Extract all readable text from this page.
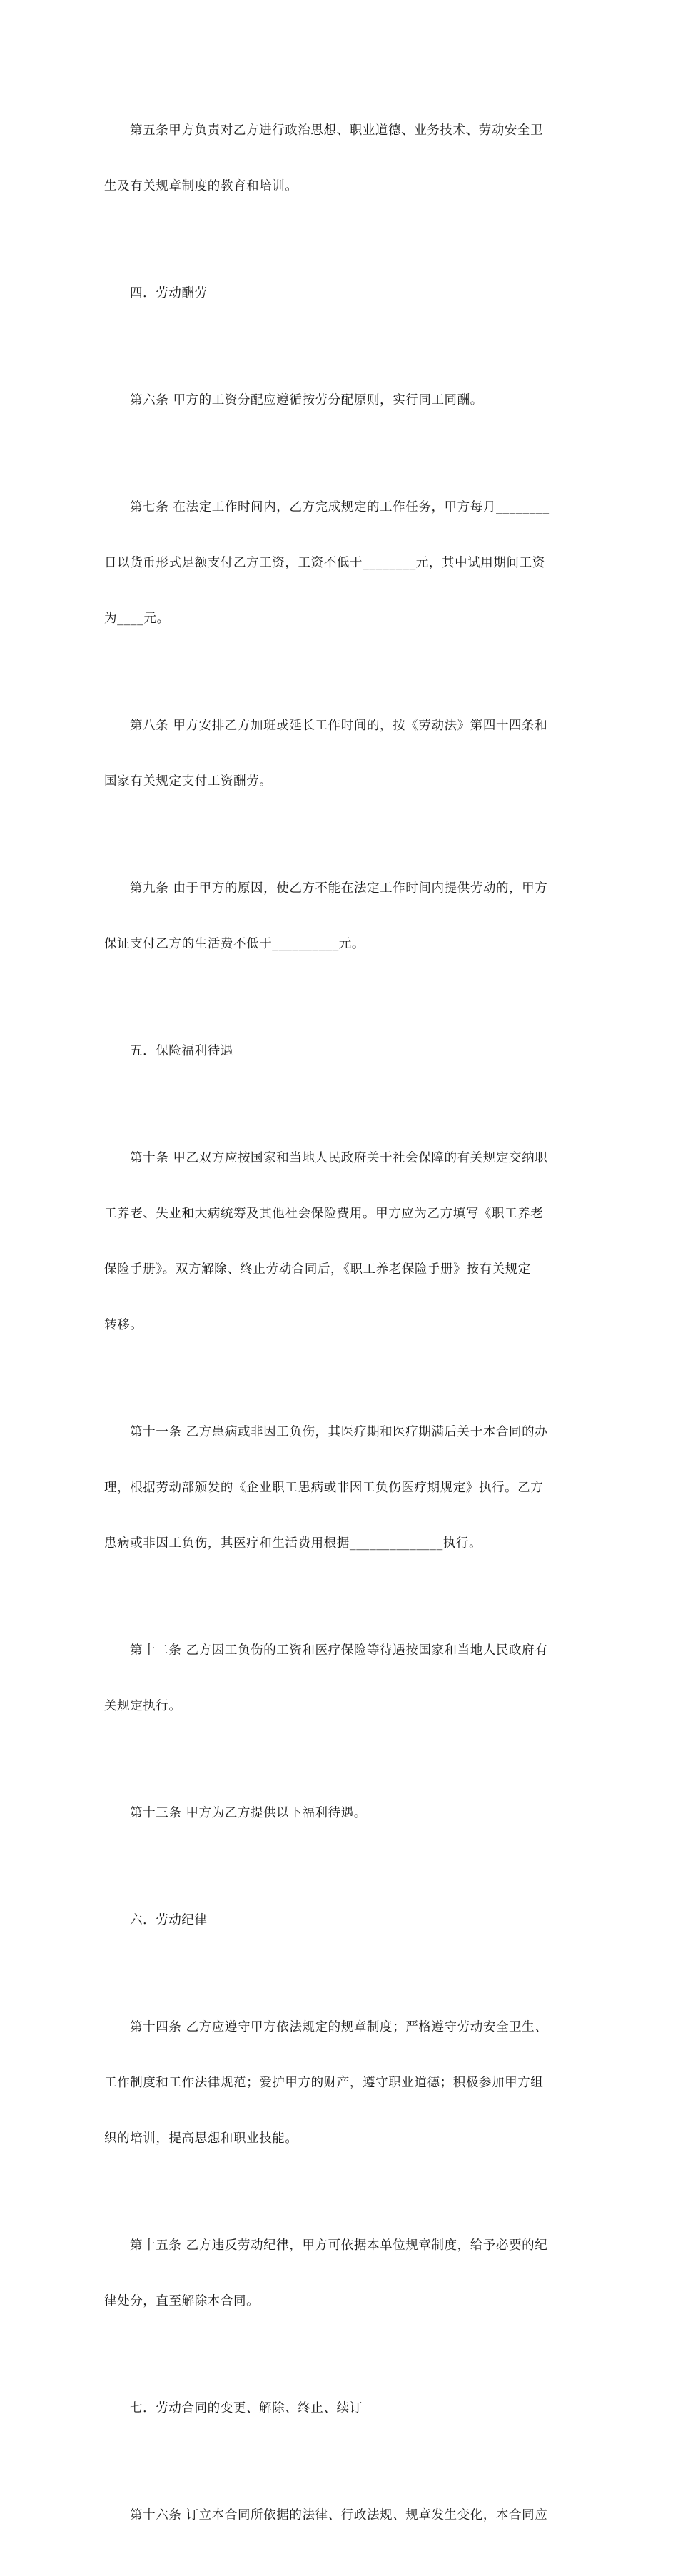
第五条甲方负责对乙方进行政治思想、职业道德、业务技术、劳动安全卫

生及有关规章制度的教育和培训。

四．劳动酬劳

第六条 甲方的工资分配应遵循按劳分配原则，实行同工同酬。

第七条 在法定工作时间内，乙方完成规定的工作任务，甲方每月________

日以货币形式足额支付乙方工资，工资不低于________元，其中试用期间工资

为____元。

第八条 甲方安排乙方加班或延长工作时间的，按《劳动法》第四十四条和

国家有关规定支付工资酬劳。

第九条 由于甲方的原因，使乙方不能在法定工作时间内提供劳动的，甲方

保证支付乙方的生活费不低于__________元。

五．保险福利待遇

第十条 甲乙双方应按国家和当地人民政府关于社会保障的有关规定交纳职

工养老、失业和大病统筹及其他社会保险费用。甲方应为乙方填写《职工养老

保险手册》。双方解除、终止劳动合同后，《职工养老保险手册》按有关规定

转移。

第十一条 乙方患病或非因工负伤，其医疗期和医疗期满后关于本合同的办

理，根据劳动部颁发的《企业职工患病或非因工负伤医疗期规定》执行。乙方

患病或非因工负伤，其医疗和生活费用根据______________执行。

第十二条 乙方因工负伤的工资和医疗保险等待遇按国家和当地人民政府有

关规定执行。

第十三条 甲方为乙方提供以下福利待遇。

六．劳动纪律

第十四条 乙方应遵守甲方依法规定的规章制度；严格遵守劳动安全卫生、

工作制度和工作法律规范；爱护甲方的财产，遵守职业道德；积极参加甲方组

织的培训，提高思想和职业技能。

第十五条 乙方违反劳动纪律，甲方可依据本单位规章制度，给予必要的纪

律处分，直至解除本合同。

七．劳动合同的变更、解除、终止、续订

第十六条 订立本合同所依据的法律、行政法规、规章发生变化，本合同应
